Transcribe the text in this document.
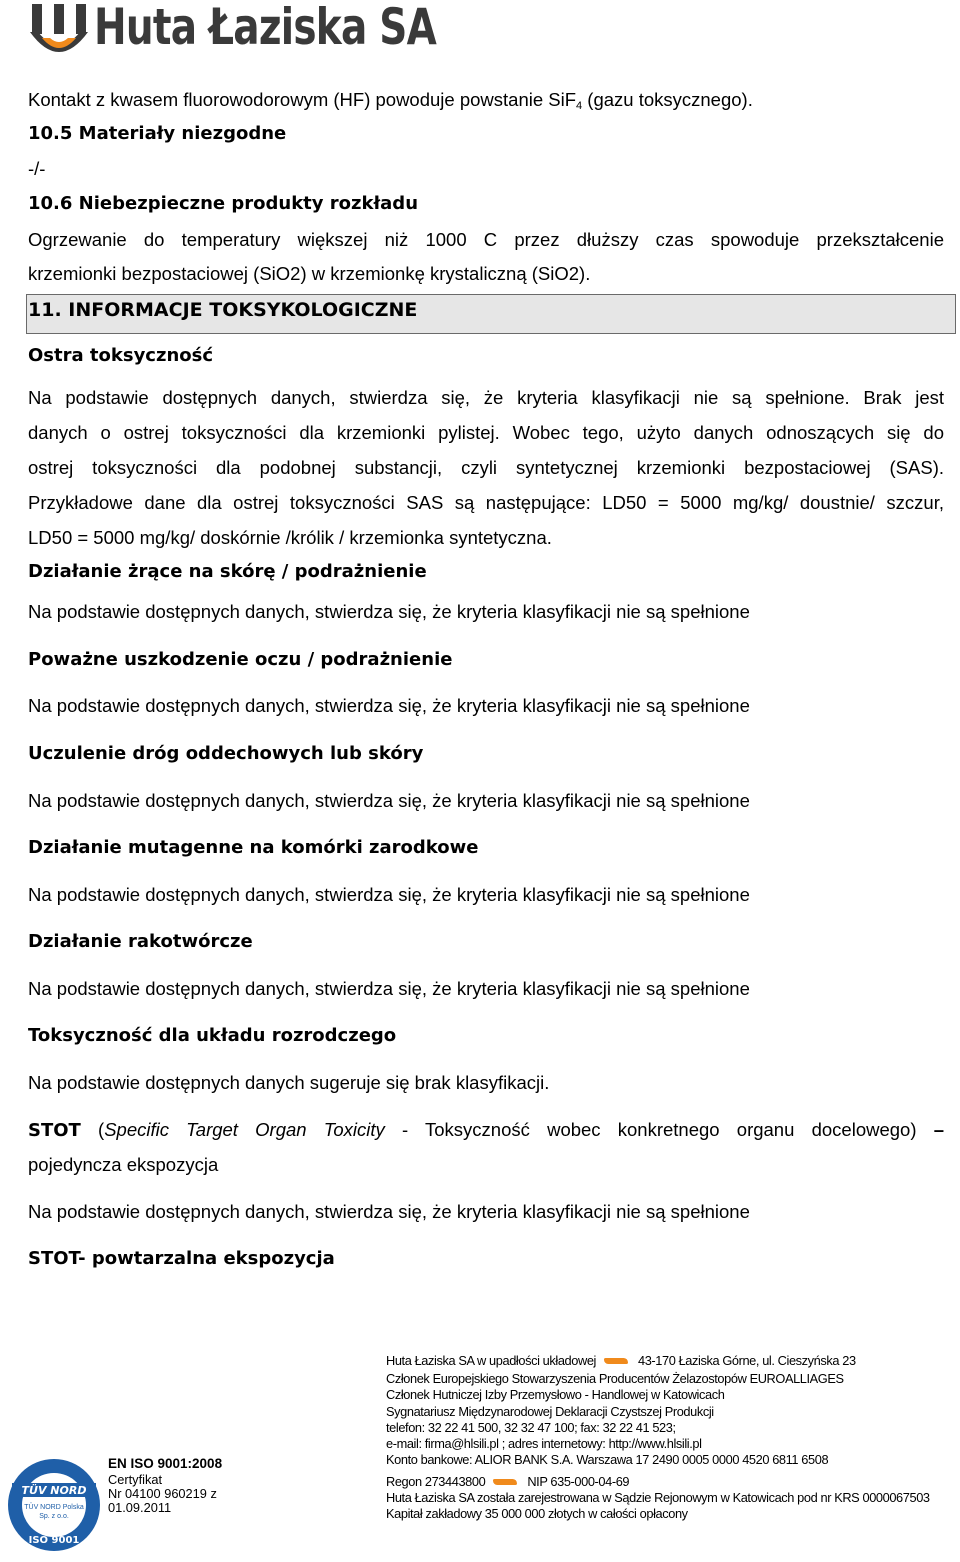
Huta Łaziska SA
Kontakt z kwasem fluorowodorowym (HF) powoduje powstanie SiF$_4$ (gazu toksycznego).
10.5 Materiały niezgodne
-/-
10.6 Niebezpieczne produkty rozkładu
Ogrzewanie do temperatury większej niż 1000 C przez dłuższy czas spowoduje przekształcenie
krzemionki bezpostaciowej (SiO2) w krzemionkę krystaliczną (SiO2).
11. INFORMACJE TOKSYKOLOGICZNE
Ostra toksyczność
Na podstawie dostępnych danych, stwierdza się, że kryteria klasyfikacji nie są spełnione. Brak jest
danych o ostrej toksyczności dla krzemionki pylistej. Wobec tego, użyto danych odnoszących się do
ostrej toksyczności dla podobnej substancji, czyli syntetycznej krzemionki bezpostaciowej (SAS).
Przykładowe dane dla ostrej toksyczności SAS są następujące: LD50 = 5000 mg/kg/ doustnie/ szczur,
LD50 = 5000 mg/kg/ doskórnie /królik / krzemionka syntetyczna.
Działanie żrące na skórę / podrażnienie
Na podstawie dostępnych danych, stwierdza się, że kryteria klasyfikacji nie są spełnione
Poważne uszkodzenie oczu / podrażnienie
Na podstawie dostępnych danych, stwierdza się, że kryteria klasyfikacji nie są spełnione
Uczulenie dróg oddechowych lub skóry
Na podstawie dostępnych danych, stwierdza się, że kryteria klasyfikacji nie są spełnione
Działanie mutagenne na komórki zarodkowe
Na podstawie dostępnych danych, stwierdza się, że kryteria klasyfikacji nie są spełnione
Działanie rakotwórcze
Na podstawie dostępnych danych, stwierdza się, że kryteria klasyfikacji nie są spełnione
Toksyczność dla układu rozrodczego
Na podstawie dostępnych danych sugeruje się brak klasyfikacji.
STOT (Specific Target Organ Toxicity - Toksyczność wobec konkretnego organu docelowego) –
pojedyncza ekspozycja
Na podstawie dostępnych danych, stwierdza się, że kryteria klasyfikacji nie są spełnione
STOT- powtarzalna ekspozycja
Huta Łaziska SA w upadłości układowej	43-170 Łaziska Górne, ul. Cieszyńska 23
Członek Europejskiego Stowarzyszenia Producentów Żelazostopów EUROALLIAGES
Członek Hutniczej Izby Przemysłowo - Handlowej w Katowicach
Sygnatariusz Międzynarodowej Deklaracji Czystszej Produkcji
telefon: 32 22 41 500, 32 32 47 100; fax: 32 22 41 523;
e-mail: firma@hlsili.pl ; adres internetowy: http://www.hlsili.pl
Konto bankowe: ALIOR BANK S.A. Warszawa 17 2490 0005 0000 4520 6811 6508
Regon 273443800	NIP 635-000-04-69
Huta Łaziska SA została zarejestrowana w Sądzie Rejonowym w Katowicach pod nr KRS 0000067503
Kapitał zakładowy 35 000 000 złotych w całości opłacony
EN ISO 9001:2008
Certyfikat
Nr 04100 960219 z
01.09.2011
TÜV NORD
TÜV NORD Polska
Sp. z o.o.
ISO 9001
